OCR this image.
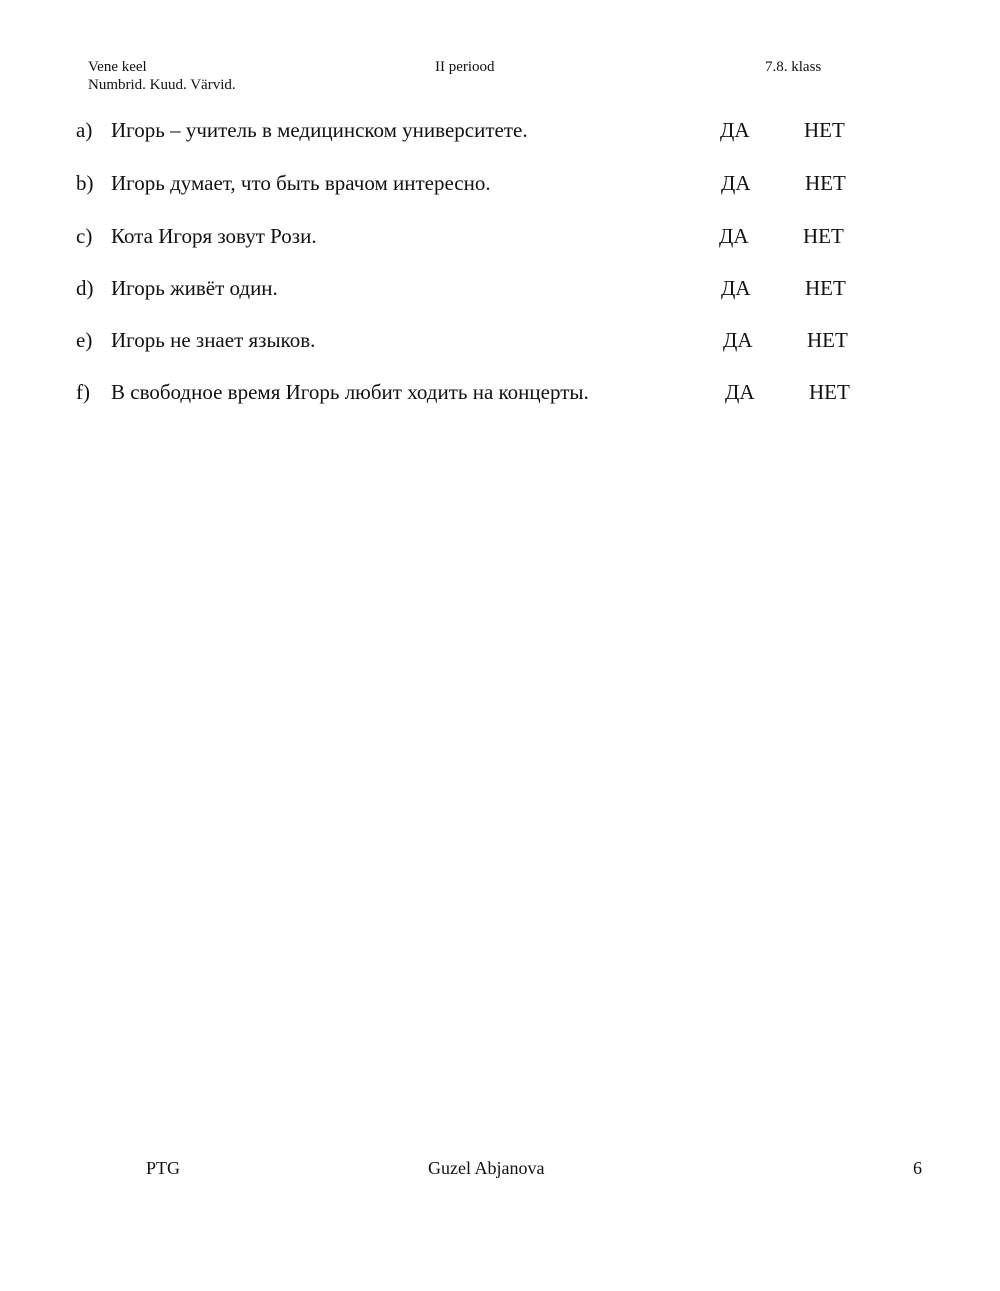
Vene keel	II periood	7.8. klass
Numbrid. Kuud. Värvid.
a) Игорь – учитель в медицинском университете.	ДА	НЕТ
b) Игорь думает, что быть врачом интересно.	ДА	НЕТ
c) Кота Игоря зовут Рози.	ДА	НЕТ
d) Игорь живёт один.	ДА	НЕТ
e) Игорь не знает языков.	ДА	НЕТ
f) В свободное время Игорь любит ходить на концерты.	ДА	НЕТ
PTG	Guzel Abjanova	6
